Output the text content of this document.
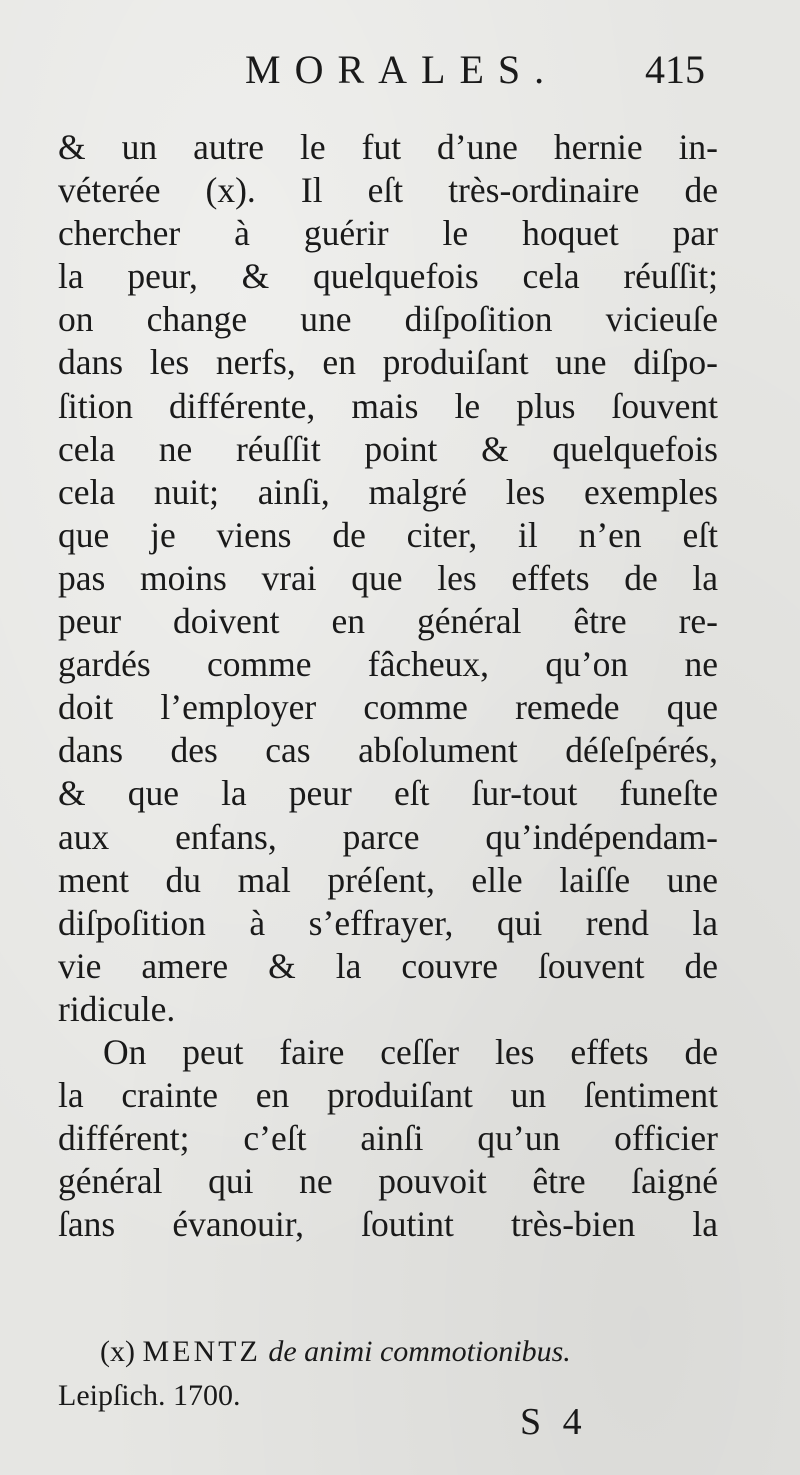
MORALES. 415
& un autre le fut d’une hernie in-
véterée (x). Il eſt très-ordinaire de
chercher à guérir le hoquet par
la peur, & quelquefois cela réuſſit;
on change une diſpoſition vicieuſe
dans les nerfs, en produiſant une diſpo-
ſition différente, mais le plus ſouvent
cela ne réuſſit point & quelquefois
cela nuit; ainſi, malgré les exemples
que je viens de citer, il n’en eſt
pas moins vrai que les effets de la
peur doivent en général être re-
gardés comme fâcheux, qu’on ne
doit l’employer comme remede que
dans des cas abſolument déſeſpérés,
& que la peur eſt ſur-tout funeſte
aux enfans, parce qu’indépendam-
ment du mal préſent, elle laiſſe une
diſpoſition à s’effrayer, qui rend la
vie amere & la couvre ſouvent de
ridicule.
On peut faire ceſſer les effets de
la crainte en produiſant un ſentiment
différent; c’eſt ainſi qu’un officier
général qui ne pouvoit être ſaigné
ſans évanouir, ſoutint très-bien la
(x) MENTZ de animi commotionibus.
Leipſich. 1700.
S 4
